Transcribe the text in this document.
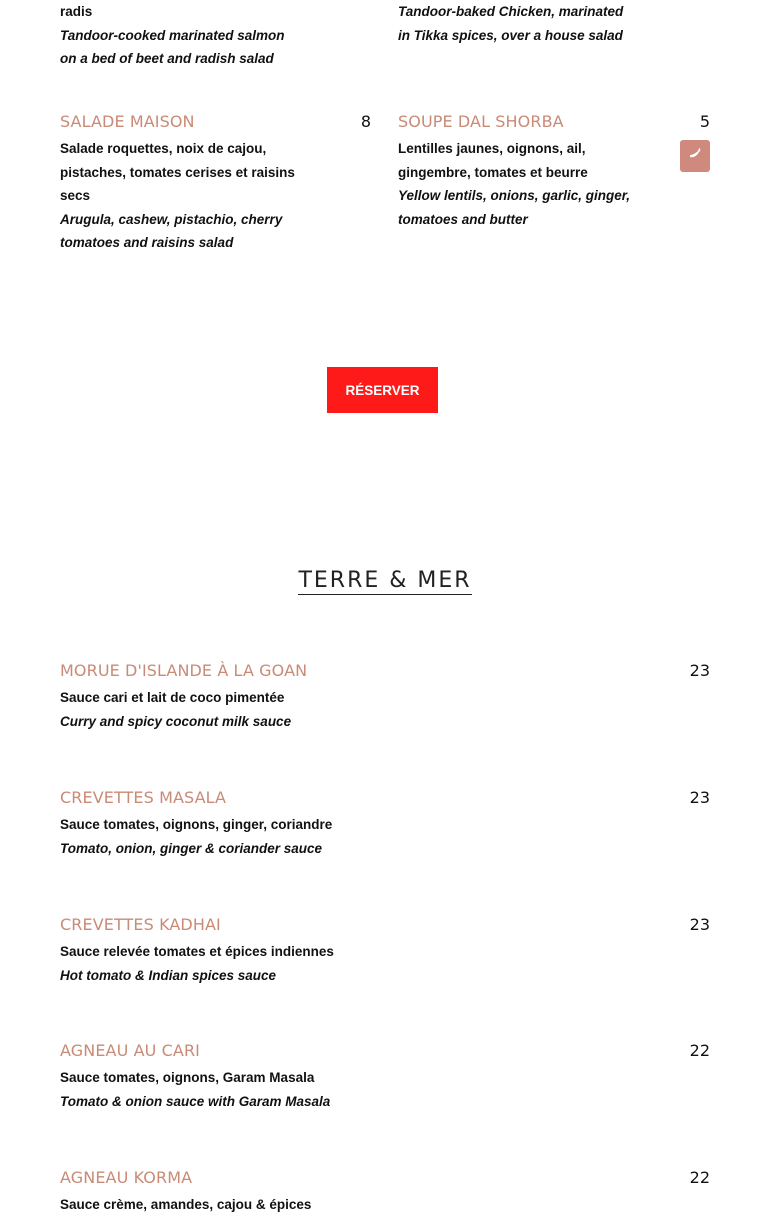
radis
Tandoor-cooked marinated salmon
on a bed of beet and radish salad
Tandoor-baked Chicken, marinated
in Tikka spices, over a house salad
SALADE MAISON	8
Salade roquettes, noix de cajou,
pistaches, tomates cerises et raisins
secs
Arugula, cashew, pistachio, cherry
tomatoes and raisins salad
SOUPE DAL SHORBA	5
Lentilles jaunes, oignons, ail,
gingembre, tomates et beurre
Yellow lentils, onions, garlic, ginger,
tomatoes and butter
RÉSERVER
TERRE & MER
MORUE D'ISLANDE À LA GOAN	23
Sauce cari et lait de coco pimentée
Curry and spicy coconut milk sauce
CREVETTES MASALA	23
Sauce tomates, oignons, ginger, coriandre
Tomato, onion, ginger & coriander sauce
CREVETTES KADHAI	23
Sauce relevée tomates et épices indiennes
Hot tomato & Indian spices sauce
AGNEAU AU CARI	22
Sauce tomates, oignons, Garam Masala
Tomato & onion sauce with Garam Masala
AGNEAU KORMA	22
Sauce crème, amandes, cajou & épices
